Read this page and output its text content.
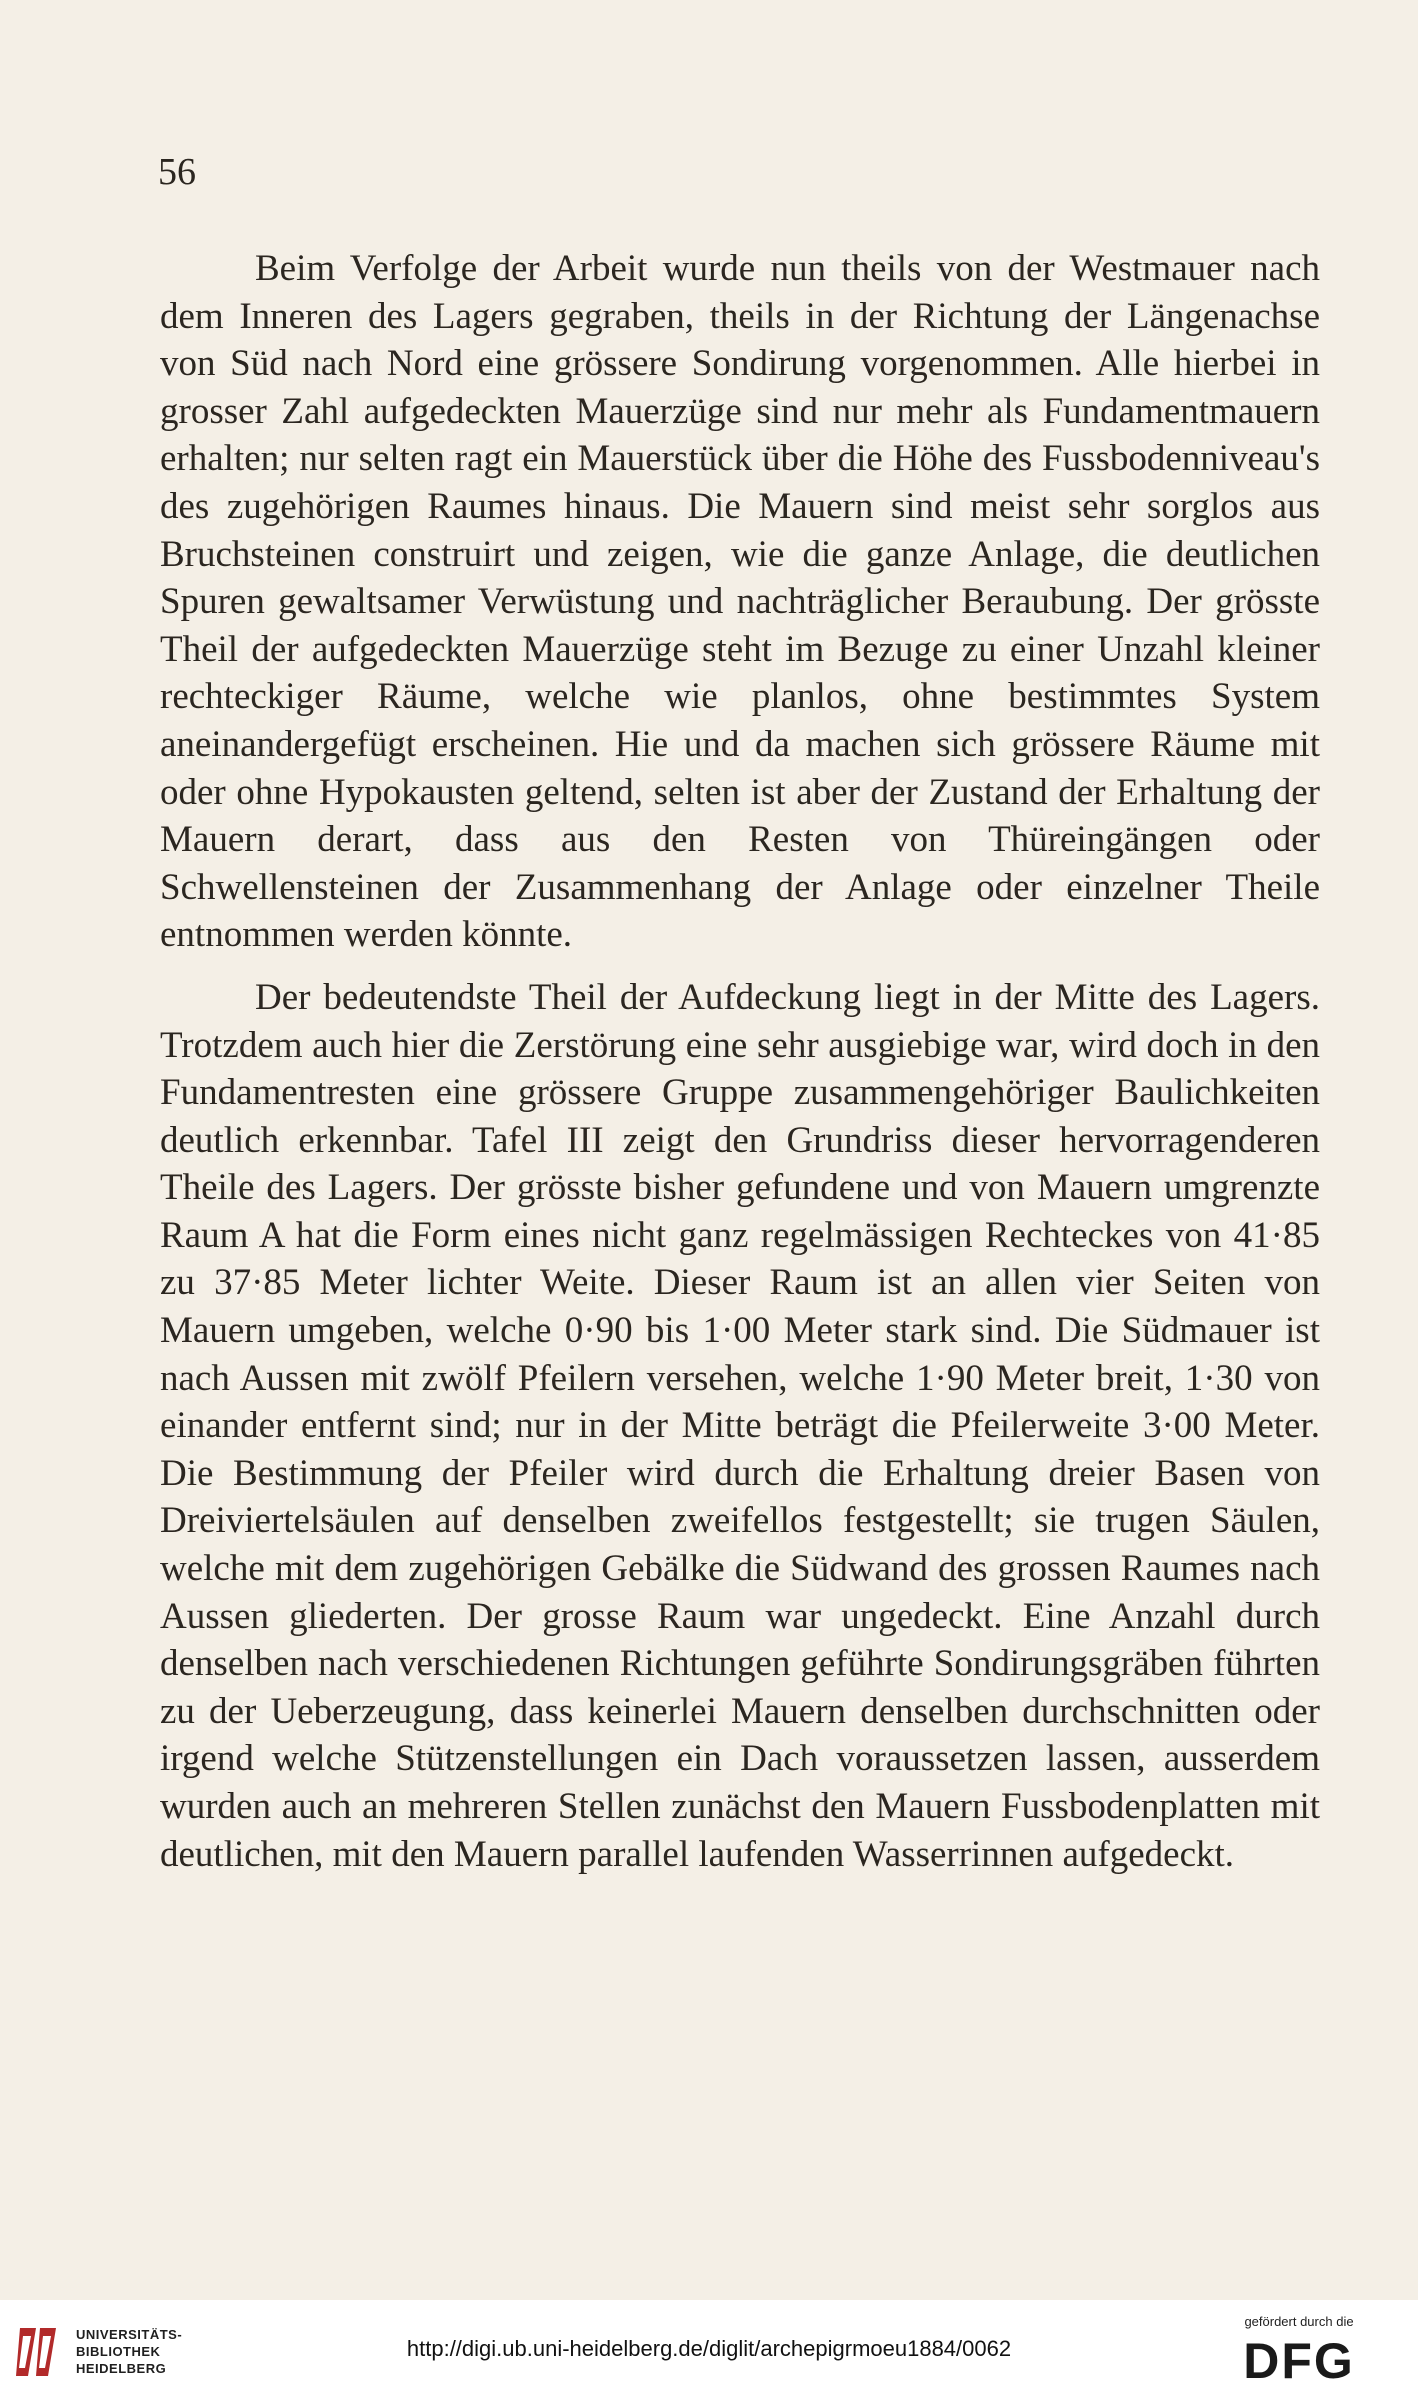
56

Beim Verfolge der Arbeit wurde nun theils von der Westmauer nach dem Inneren des Lagers gegraben, theils in der Richtung der Längenachse von Süd nach Nord eine grössere Sondirung vorgenommen. Alle hierbei in grosser Zahl aufgedeckten Mauerzüge sind nur mehr als Fundamentmauern erhalten; nur selten ragt ein Mauerstück über die Höhe des Fussbodenniveau's des zugehörigen Raumes hinaus. Die Mauern sind meist sehr sorglos aus Bruchsteinen construirt und zeigen, wie die ganze Anlage, die deutlichen Spuren gewaltsamer Verwüstung und nachträglicher Beraubung. Der grösste Theil der aufgedeckten Mauerzüge steht im Bezuge zu einer Unzahl kleiner rechteckiger Räume, welche wie planlos, ohne bestimmtes System aneinandergefügt erscheinen. Hie und da machen sich grössere Räume mit oder ohne Hypokausten geltend, selten ist aber der Zustand der Erhaltung der Mauern derart, dass aus den Resten von Thüreingängen oder Schwellensteinen der Zusammenhang der Anlage oder einzelner Theile entnommen werden könnte.

Der bedeutendste Theil der Aufdeckung liegt in der Mitte des Lagers. Trotzdem auch hier die Zerstörung eine sehr ausgiebige war, wird doch in den Fundamentresten eine grössere Gruppe zusammengehöriger Baulichkeiten deutlich erkennbar. Tafel III zeigt den Grundriss dieser hervorragenderen Theile des Lagers. Der grösste bisher gefundene und von Mauern umgrenzte Raum A hat die Form eines nicht ganz regelmässigen Rechteckes von 41·85 zu 37·85 Meter lichter Weite. Dieser Raum ist an allen vier Seiten von Mauern umgeben, welche 0·90 bis 1·00 Meter stark sind. Die Südmauer ist nach Aussen mit zwölf Pfeilern versehen, welche 1·90 Meter breit, 1·30 von einander entfernt sind; nur in der Mitte beträgt die Pfeilerweite 3·00 Meter. Die Bestimmung der Pfeiler wird durch die Erhaltung dreier Basen von Dreiviertelsäulen auf denselben zweifellos festgestellt; sie trugen Säulen, welche mit dem zugehörigen Gebälke die Südwand des grossen Raumes nach Aussen gliederten. Der grosse Raum war ungedeckt. Eine Anzahl durch denselben nach verschiedenen Richtungen geführte Sondirungsgräben führten zu der Ueberzeugung, dass keinerlei Mauern denselben durchschnitten oder irgend welche Stützenstellungen ein Dach voraussetzen lassen, ausserdem wurden auch an mehreren Stellen zunächst den Mauern Fussbodenplatten mit deutlichen, mit den Mauern parallel laufenden Wasserrinnen aufgedeckt.

UNIVERSITÄTS-
BIBLIOTHEK
HEIDELBERG
http://digi.ub.uni-heidelberg.de/diglit/archepigrmoeu1884/0062
gefördert durch die
DFG
